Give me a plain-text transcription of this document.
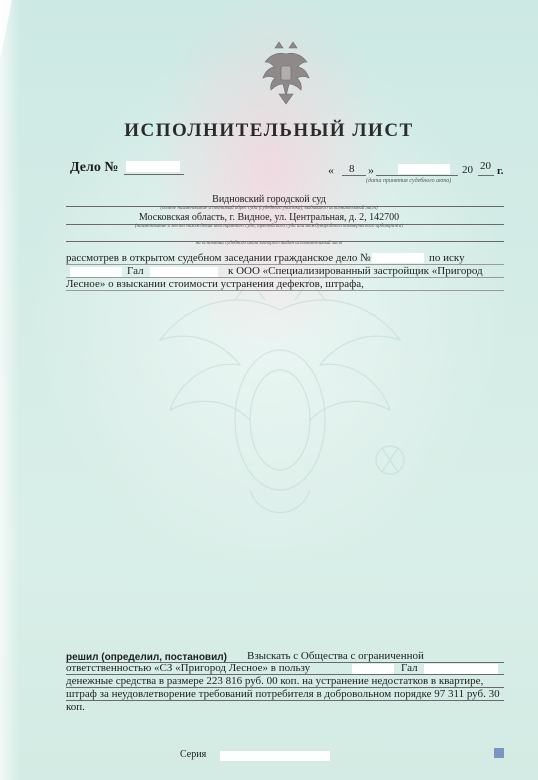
ИСПОЛНИТЕЛЬНЫЙ ЛИСТ
Дело №	« 8 »	20 20 г.
(дата принятия судебного акта)
Видновский городской суд
(полное наименование и почтовый адрес суда (судебного участка), выдавшего исполнительный лист)
Московская область, г. Видное, ул. Центральная, д. 2, 142700
(наименование и место нахождения иностранного суда, третейского суда или международного коммерческого арбитража)
на основании судебного акта которого выдан исполнительный лист
рассмотрев в открытом судебном заседании гражданское дело №	по иску
Гал	к ООО «Специализированный застройщик «Пригород
Лесное» о взыскании стоимости устранения дефектов, штрафа,
решил (определил, постановил) Взыскать с Общества с ограниченной
ответственностью «СЗ «Пригород Лесное» в пользу	Гал
денежные средства в размере 223 816 руб. 00 коп. на устранение недостатков в квартире,
штраф за неудовлетворение требований потребителя в добровольном порядке 97 311 руб. 30
коп.
Серия
